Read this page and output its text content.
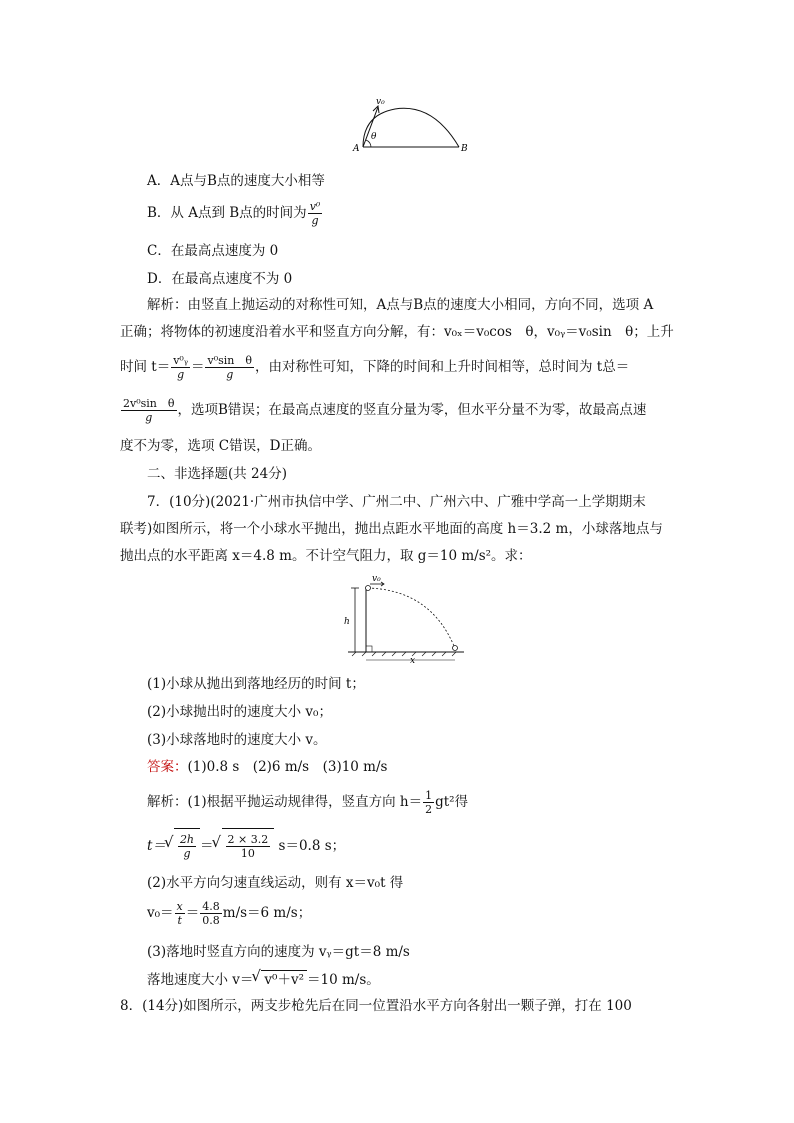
v₀
θ
A	B
A．A点与B点的速度大小相等
B．从 A点到 B点的时间为 $\frac{\text{v⁰}}{g}$
C．在最高点速度为 0
D．在最高点速度不为 0
解析：由竖直上抛运动的对称性可知，A点与B点的速度大小相同，方向不同，选项 A
正确；将物体的初速度沿着水平和竖直方向分解，有：v₀ₓ＝v₀cos　θ，v₀ᵧ＝v₀sin　θ；上升
时间 $t= \frac{\text{v⁰ᵧ}}{g} = \frac{\text{v⁰sin　θ}}{g}$ ，由对称性可知，下降的时间和上升时间相等，总时间为 t总＝
$\frac{\text{2v⁰sin　θ}}{g}$ ，选项B错误；在最高点速度的竖直分量为零，但水平分量不为零，故最高点速
度不为零，选项 C错误，D正确。
二、非选择题(共 24分)
7．(10分)(2021·广州市执信中学、广州二中、广州六中、广雅中学高一上学期期末
联考)如图所示，将一个小球水平抛出，抛出点距水平地面的高度 h＝3.2 m，小球落地点与
抛出点的水平距离 x＝4.8 m。不计空气阻力，取 g＝10 m/s²。求：
v₀
h
x
(1)小球从抛出到落地经历的时间 t；
(2)小球抛出时的速度大小 v₀；
(3)小球落地时的速度大小 v。
答案：(1)0.8 s　(2)6 m/s　(3)10 m/s
解析：(1)根据平抛运动规律得，竖直方向 $h= \frac{1}{2} gt^2$得
t＝ √ $\frac{2h}{g}$ ＝ √ $\frac{2 \times 3.2}{10} s=0.8$ s；
(2)水平方向匀速直线运动，则有 x＝v₀t 得
$v_0= \frac{x}{t} = \frac{4.8}{0.8} m/s=6$ m/s；
(3)落地时竖直方向的速度为 vᵧ＝gt＝8 m/s
落地速度大小 v＝ √ v⁰＋v² ＝10 m/s。
8．(14分)如图所示，两支步枪先后在同一位置沿水平方向各射出一颗子弹，打在 100
